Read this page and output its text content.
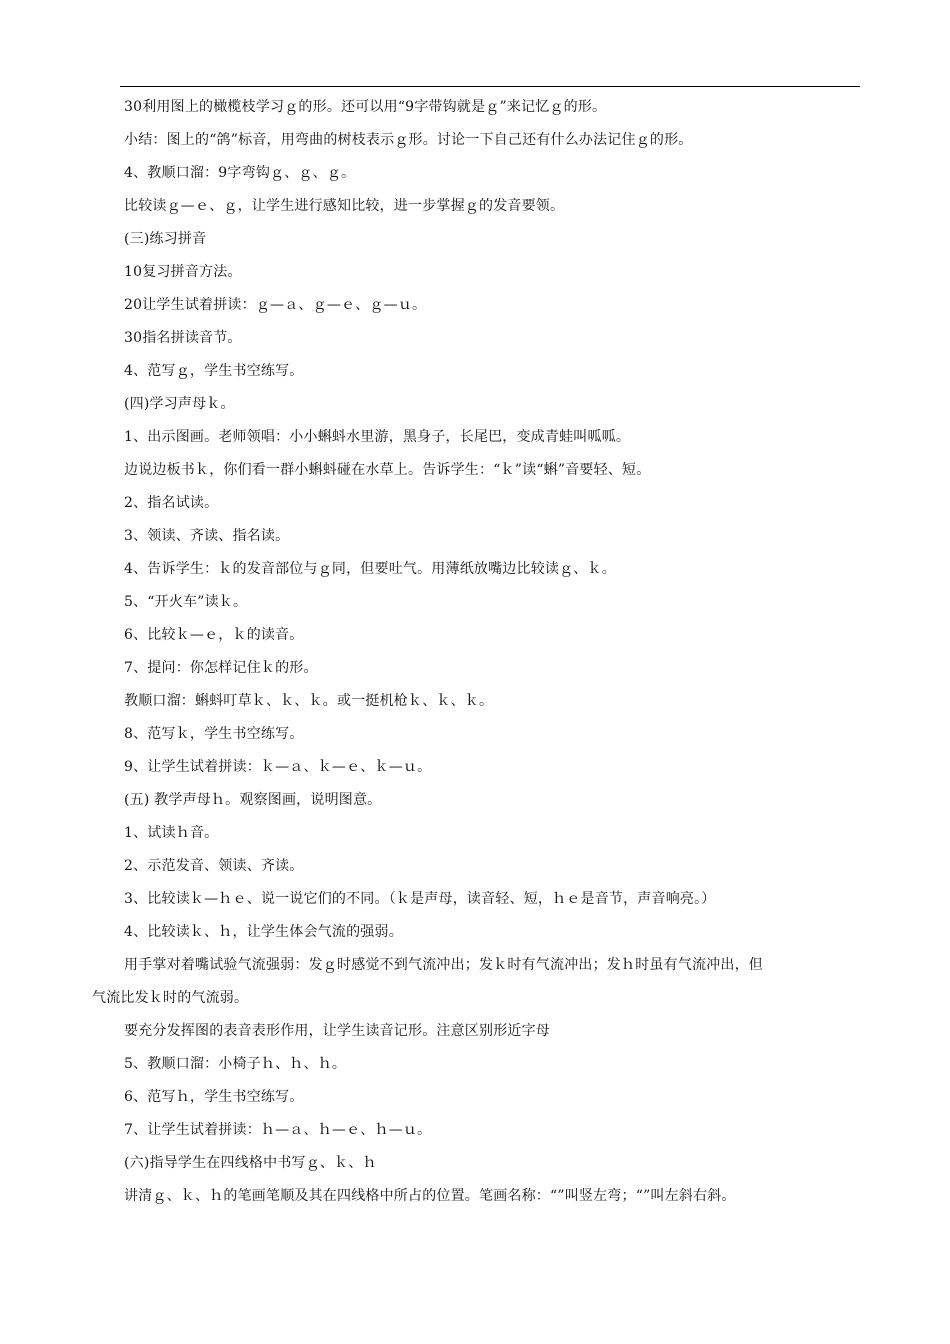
30利用图上的橄榄枝学习ｇ的形。还可以用“9字带钩就是ｇ”来记忆ｇ的形。
小结：图上的“鸽”标音，用弯曲的树枝表示ｇ形。讨论一下自己还有什么办法记住ｇ的形。
4、教顺口溜：9字弯钩ｇ、ｇ、ｇ。
比较读ｇ—ｅ、ｇ，让学生进行感知比较，进一步掌握ｇ的发音要领。
(三)练习拼音
10复习拼音方法。
20让学生试着拼读：ｇ—ａ、ｇ—ｅ、ｇ—ｕ。
30指名拼读音节。
4、范写ｇ，学生书空练写。
(四)学习声母ｋ。
1、出示图画。老师领唱：小小蝌蚪水里游，黑身子，长尾巴，变成青蛙叫呱呱。
边说边板书ｋ，你们看一群小蝌蚪碰在水草上。告诉学生：“ｋ”读“蝌”音要轻、短。
2、指名试读。
3、领读、齐读、指名读。
4、告诉学生：ｋ的发音部位与ｇ同，但要吐气。用薄纸放嘴边比较读ｇ、ｋ。
5、“开火车”读ｋ。
6、比较ｋ—ｅ，ｋ的读音。
7、提问：你怎样记住ｋ的形。
教顺口溜：蝌蚪叮草ｋ、ｋ、ｋ。或一挺机枪ｋ、ｋ、ｋ。
8、范写ｋ，学生书空练写。
9、让学生试着拼读：ｋ—ａ、ｋ—ｅ、ｋ—ｕ。
(五) 教学声母ｈ。观察图画，说明图意。
1、试读ｈ音。
2、示范发音、领读、齐读。
3、比较读ｋ—ｈｅ、说一说它们的不同。（ｋ是声母，读音轻、短，ｈｅ是音节，声音响亮。）
4、比较读ｋ、ｈ，让学生体会气流的强弱。
用手掌对着嘴试验气流强弱：发ｇ时感觉不到气流冲出；发ｋ时有气流冲出；发ｈ时虽有气流冲出，但
气流比发ｋ时的气流弱。
要充分发挥图的表音表形作用，让学生读音记形。注意区别形近字母
5、教顺口溜：小椅子ｈ、ｈ、ｈ。
6、范写ｈ，学生书空练写。
7、让学生试着拼读：ｈ—ａ、ｈ—ｅ、ｈ—ｕ。
(六)指导学生在四线格中书写ｇ、ｋ、ｈ
讲清ｇ、ｋ、ｈ的笔画笔顺及其在四线格中所占的位置。笔画名称：“”叫竖左弯；“”叫左斜右斜。
